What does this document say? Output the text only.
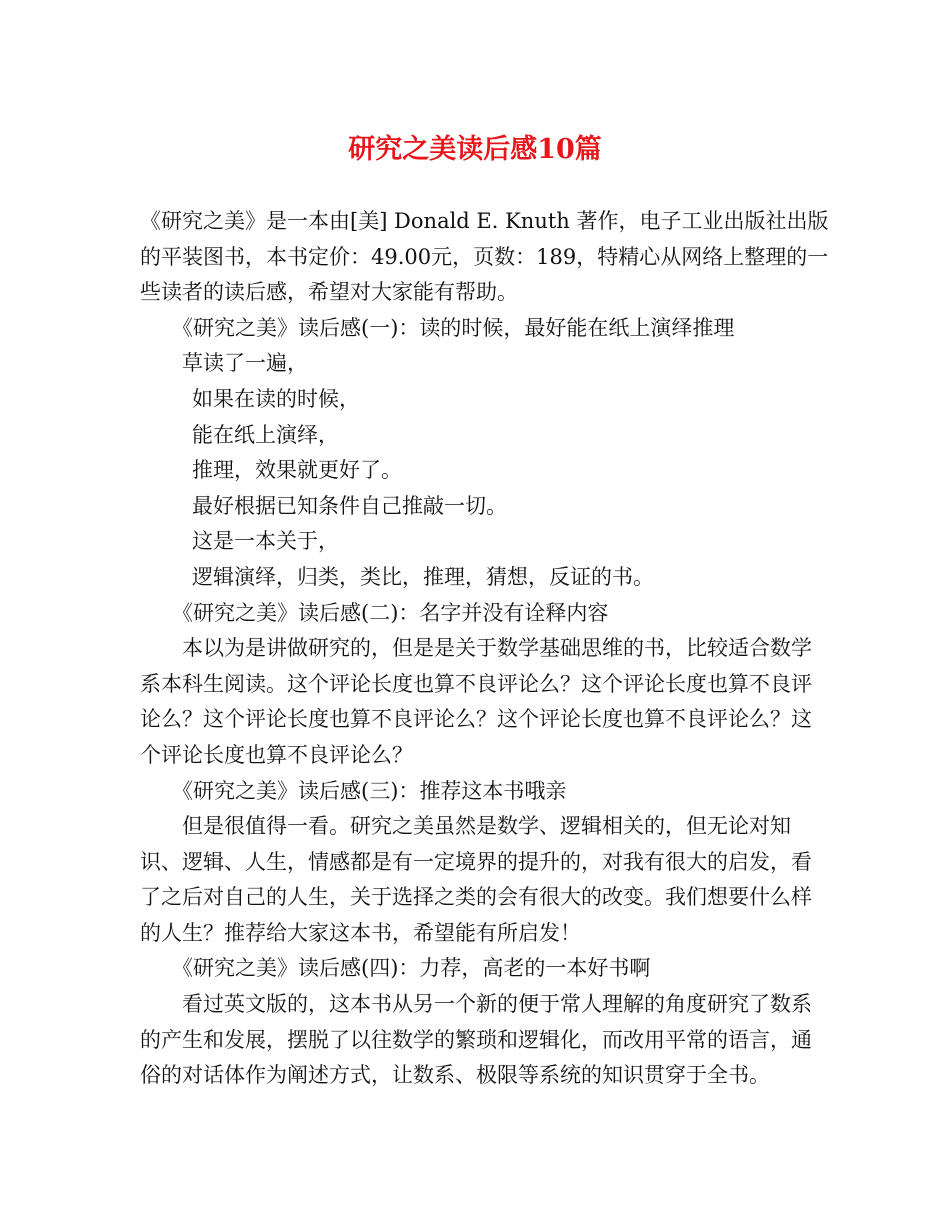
研究之美读后感10篇

《研究之美》是一本由[美] Donald E. Knuth 著作，电子工业出版社出版的平装图书，本书定价：49.00元，页数：189，特精心从网络上整理的一些读者的读后感，希望对大家能有帮助。

《研究之美》读后感(一)：读的时候，最好能在纸上演绎推理

草读了一遍，

如果在读的时候，

能在纸上演绎，

推理，效果就更好了。

最好根据已知条件自己推敲一切。

这是一本关于，

逻辑演绎，归类，类比，推理，猜想，反证的书。

《研究之美》读后感(二)：名字并没有诠释内容

本以为是讲做研究的，但是是关于数学基础思维的书，比较适合数学系本科生阅读。这个评论长度也算不良评论么？这个评论长度也算不良评论么？这个评论长度也算不良评论么？这个评论长度也算不良评论么？这个评论长度也算不良评论么？

《研究之美》读后感(三)：推荐这本书哦亲

但是很值得一看。研究之美虽然是数学、逻辑相关的，但无论对知识、逻辑、人生，情感都是有一定境界的提升的，对我有很大的启发，看了之后对自己的人生，关于选择之类的会有很大的改变。我们想要什么样的人生？推荐给大家这本书，希望能有所启发！

《研究之美》读后感(四)：力荐，高老的一本好书啊

看过英文版的，这本书从另一个新的便于常人理解的角度研究了数系的产生和发展，摆脱了以往数学的繁琐和逻辑化，而改用平常的语言，通俗的对话体作为阐述方式，让数系、极限等系统的知识贯穿于全书。
